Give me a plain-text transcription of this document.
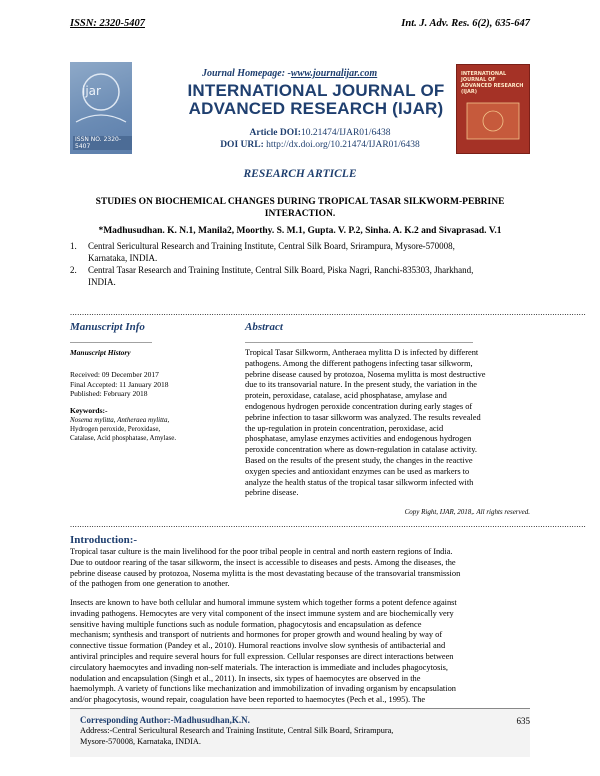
ISSN: 2320-5407	Int. J. Adv. Res. 6(2), 635-647
ijar
ISSN NO. 2320-5407
Journal Homepage: -www.journalijar.com
INTERNATIONAL JOURNAL OF
ADVANCED RESEARCH (IJAR)
Article DOI:10.21474/IJAR01/6438
DOI URL: http://dx.doi.org/10.21474/IJAR01/6438
INTERNATIONAL JOURNAL OF ADVANCED RESEARCH (IJAR)
RESEARCH ARTICLE
STUDIES ON BIOCHEMICAL CHANGES DURING TROPICAL TASAR SILKWORM-PEBRINE
INTERACTION.
*Madhusudhan. K. N.1, Manila2, Moorthy. S. M.1, Gupta. V. P.2, Sinha. A. K.2 and Sivaprasad. V.1
1. Central Sericultural Research and Training Institute, Central Silk Board, Srirampura, Mysore-570008,
Karnataka, INDIA.
2. Central Tasar Research and Training Institute, Central Silk Board, Piska Nagri, Ranchi-835303, Jharkhand,
INDIA.
.......................................................................................................................................................................................................................
Manuscript Info
.........................................
Manuscript History
Received: 09 December 2017
Final Accepted: 11 January 2018
Published: February 2018
Keywords:-
Nosema mylitta, Antheraea mylitta,
Hydrogen peroxide, Peroxidase,
Catalase, Acid phosphatase, Amylase.
Abstract
..................................................................................................................
Tropical Tasar Silkworm, Antheraea mylitta D is infected by different
pathogens. Among the different pathogens infecting tasar silkworm,
pebrine disease caused by protozoa, Nosema mylitta is most destructive
due to its transovarial nature. In the present study, the variation in the
protein, peroxidase, catalase, acid phosphatase, amylase and
endogenous hydrogen peroxide concentration during early stages of
pebrine infection to tasar silkworm was analyzed. The results revealed
the up-regulation in protein concentration, peroxidase, acid
phosphatase, amylase enzymes activities and endogenous hydrogen
peroxide concentration where as down-regulation in catalase activity.
Based on the results of the present study, the changes in the reactive
oxygen species and antioxidant enzymes can be used as markers to
analyze the health status of the tropical tasar silkworm infected with
pebrine disease.
Copy Right, IJAR, 2018,. All rights reserved.
.......................................................................................................................................................................................................................
Introduction:-
Tropical tasar culture is the main livelihood for the poor tribal people in central and north eastern regions of India.
Due to outdoor rearing of the tasar silkworm, the insect is accessible to diseases and pests. Among the diseases, the
pebrine disease caused by protozoa, Nosema mylitta is the most devastating because of the transovarial transmission
of the pathogen from one generation to another.
Insects are known to have both cellular and humoral immune system which together forms a potent defence against
invading pathogens. Hemocytes are very vital component of the insect immune system and are biochemically very
sensitive having multiple functions such as nodule formation, phagocytosis and encapsulation as defence
mechanism; synthesis and transport of nutrients and hormones for proper growth and wound healing by way of
connective tissue formation (Pandey et al., 2010). Humoral reactions involve slow synthesis of antibacterial and
antiviral principles and require several hours for full expression. Cellular responses are direct interactions between
circulatory haemocytes and invading non-self materials. The interaction is immediate and includes phagocytosis,
nodulation and encapsulation (Singh et al., 2011). In insects, six types of haemocytes are observed in the
haemolymph. A variety of functions like mechanization and immobilization of invading organism by encapsulation
and/or phagocytosis, wound repair, coagulation have been reported to haemocytes (Pech et al., 1995). The
Corresponding Author:-Madhusudhan,K.N.
Address:-Central Sericultural Research and Training Institute, Central Silk Board, Srirampura,
Mysore-570008, Karnataka, INDIA.
635
